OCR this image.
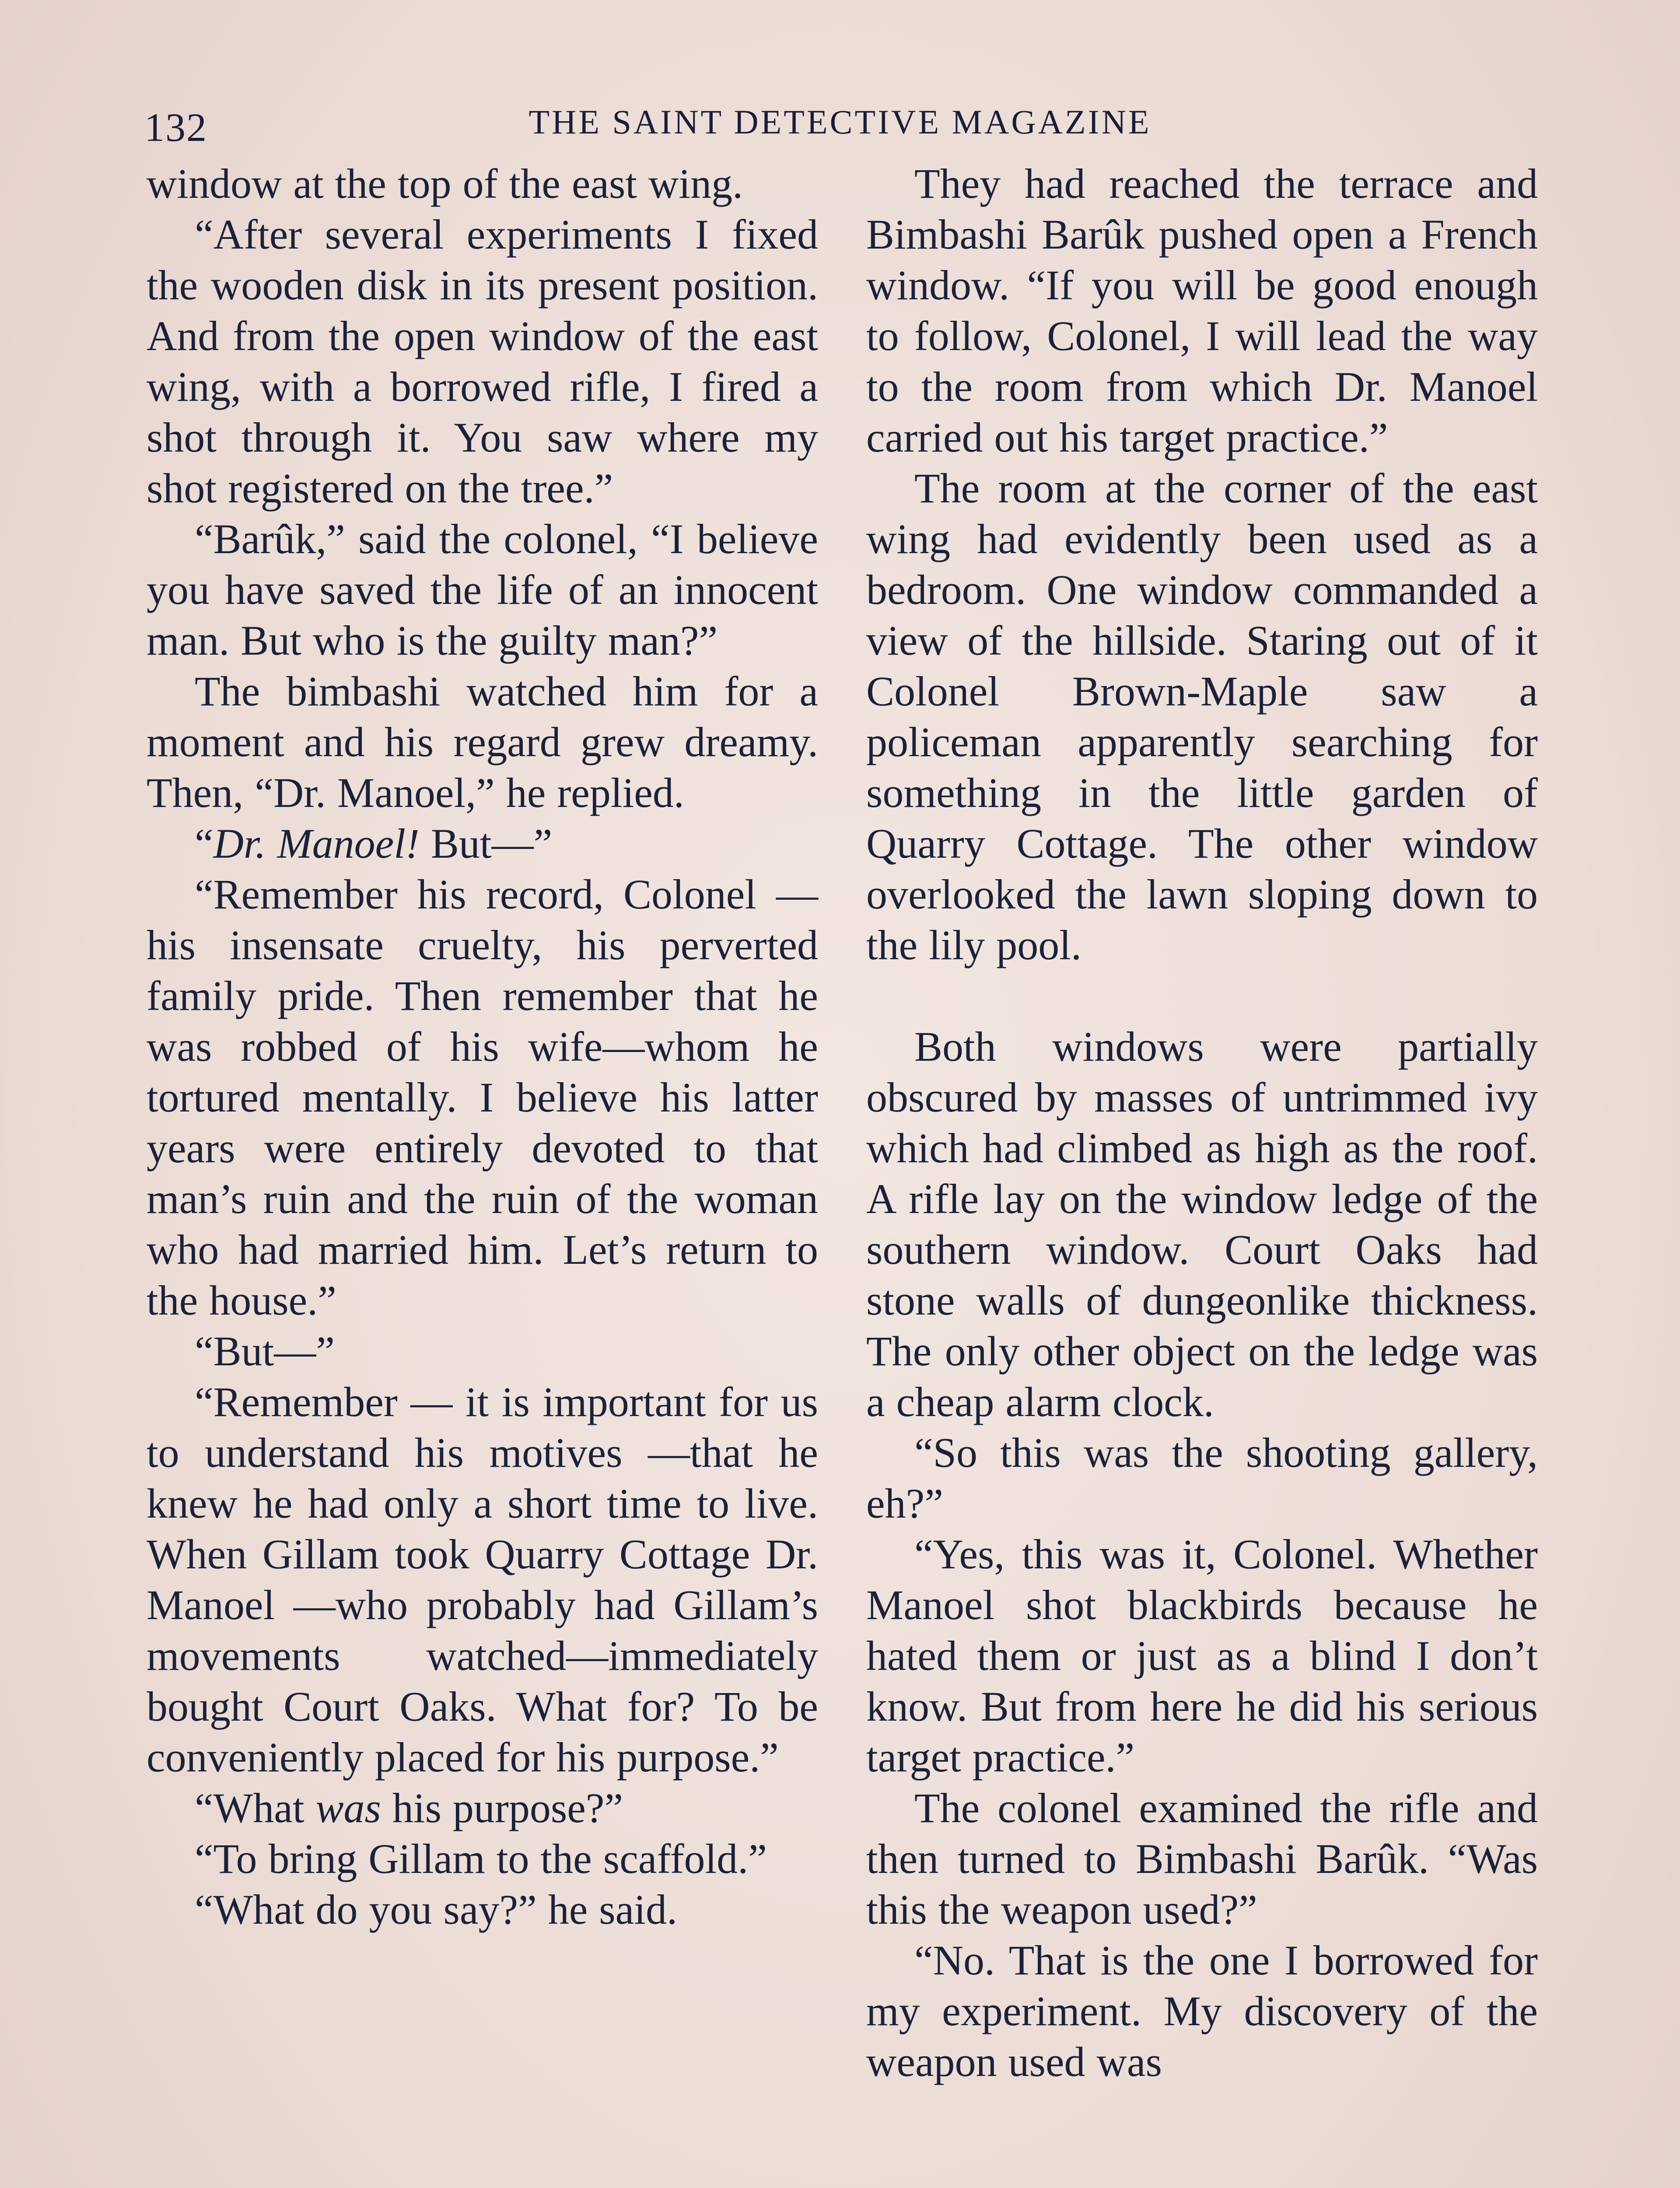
132	THE SAINT DETECTIVE MAGAZINE

window at the top of the east wing.

“After several experiments I fixed the wooden disk in its present position. And from the open window of the east wing, with a borrowed rifle, I fired a shot through it. You saw where my shot registered on the tree.”

“Barûk,” said the colonel, “I believe you have saved the life of an innocent man. But who is the guilty man?”

The bimbashi watched him for a moment and his regard grew dreamy. Then, “Dr. Manoel,” he replied.

“Dr. Manoel! But—”

“Remember his record, Colonel —his insensate cruelty, his perverted family pride. Then remember that he was robbed of his wife—whom he tortured mentally. I believe his latter years were entirely devoted to that man’s ruin and the ruin of the woman who had married him. Let’s return to the house.”

“But—”

“Remember — it is important for us to understand his motives —that he knew he had only a short time to live. When Gillam took Quarry Cottage Dr. Manoel —who probably had Gillam’s movements watched—immediately bought Court Oaks. What for? To be conveniently placed for his purpose.”

“What was his purpose?”

“To bring Gillam to the scaffold.”

“What do you say?” he said.

They had reached the terrace and Bimbashi Barûk pushed open a French window. “If you will be good enough to follow, Colonel, I will lead the way to the room from which Dr. Manoel carried out his target practice.”

The room at the corner of the east wing had evidently been used as a bedroom. One window commanded a view of the hillside. Staring out of it Colonel Brown-Maple saw a policeman apparently searching for something in the little garden of Quarry Cottage. The other window overlooked the lawn sloping down to the lily pool.

Both windows were partially obscured by masses of untrimmed ivy which had climbed as high as the roof. A rifle lay on the window ledge of the southern window. Court Oaks had stone walls of dungeonlike thickness. The only other object on the ledge was a cheap alarm clock.

“So this was the shooting gallery, eh?”

“Yes, this was it, Colonel. Whether Manoel shot blackbirds because he hated them or just as a blind I don’t know. But from here he did his serious target practice.”

The colonel examined the rifle and then turned to Bimbashi Barûk. “Was this the weapon used?”

“No. That is the one I borrowed for my experiment. My discovery of the weapon used was
